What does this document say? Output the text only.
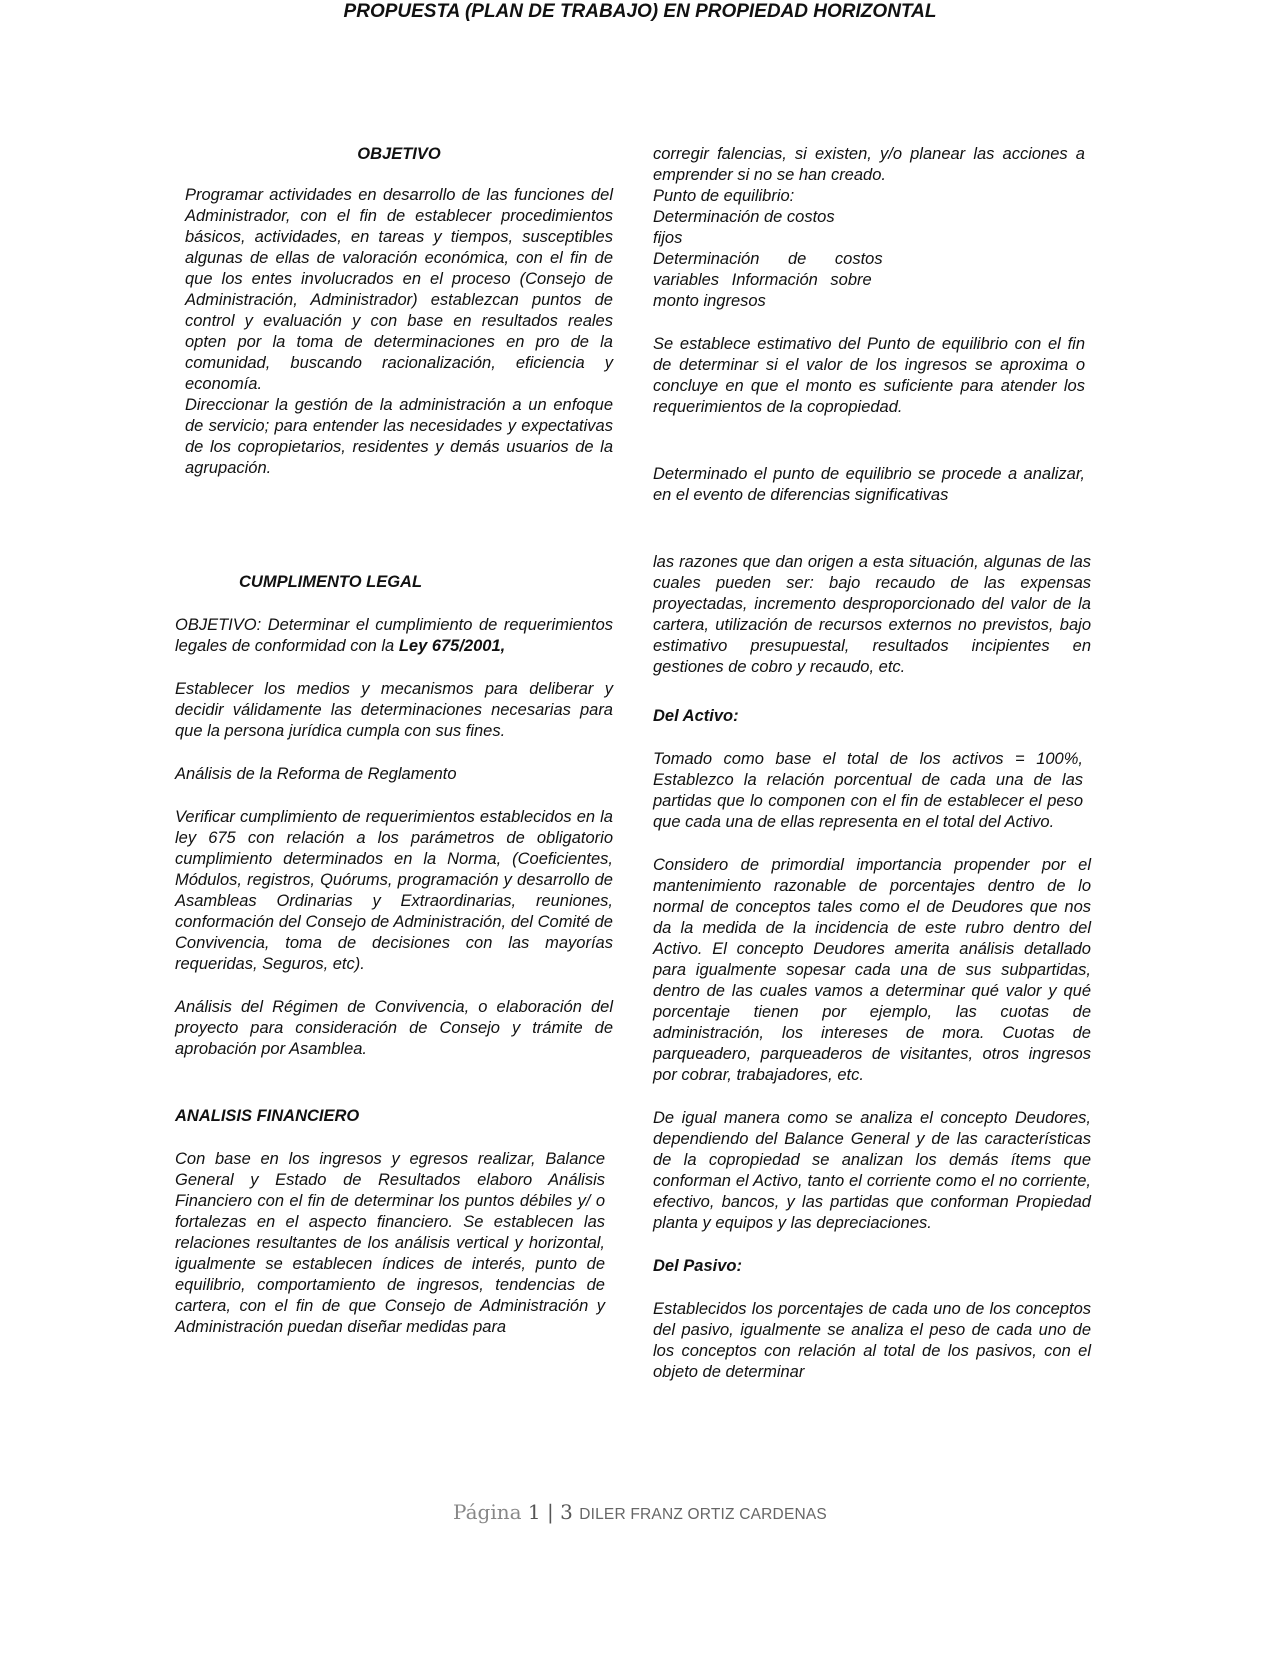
PROPUESTA (PLAN DE TRABAJO) EN PROPIEDAD HORIZONTAL

OBJETIVO

Programar actividades en desarrollo de las funciones del Administrador, con el fin de establecer procedimientos básicos, actividades, en tareas y tiempos, susceptibles algunas de ellas de valoración económica, con el fin de que los entes involucrados en el proceso (Consejo de Administración, Administrador) establezcan puntos de control y evaluación y con base en resultados reales opten por la toma de determinaciones en pro de la comunidad, buscando racionalización, eficiencia y economía.

Direccionar la gestión de la administración a un enfoque de servicio; para entender las necesidades y expectativas de los copropietarios, residentes y demás usuarios de la agrupación.

CUMPLIMENTO LEGAL

OBJETIVO: Determinar el cumplimiento de requerimientos legales de conformidad con la Ley 675/2001,

Establecer los medios y mecanismos para deliberar y decidir válidamente las determinaciones necesarias para que la persona jurídica cumpla con sus fines.

Análisis de la Reforma de Reglamento

Verificar cumplimiento de requerimientos establecidos en la ley 675 con relación a los parámetros de obligatorio cumplimiento determinados en la Norma, (Coeficientes, Módulos, registros, Quórums, programación y desarrollo de Asambleas Ordinarias y Extraordinarias, reuniones, conformación del Consejo de Administración, del Comité de Convivencia, toma de decisiones con las mayorías requeridas, Seguros, etc).

Análisis del Régimen de Convivencia, o elaboración del proyecto para consideración de Consejo y trámite de aprobación por Asamblea.

ANALISIS FINANCIERO

Con base en los ingresos y egresos realizar, Balance General y Estado de Resultados elaboro Análisis Financiero con el fin de determinar los puntos débiles y/ o fortalezas en el aspecto financiero. Se establecen las relaciones resultantes de los análisis vertical y horizontal, igualmente se establecen índices de interés, punto de equilibrio, comportamiento de ingresos, tendencias de cartera, con el fin de que Consejo de Administración y Administración puedan diseñar medidas para

corregir falencias, si existen, y/o planear las acciones a emprender si no se han creado.

Punto de equilibrio:

Determinación de costos

fijos

Determinación de costos

variables Información sobre

monto ingresos

Se establece estimativo del Punto de equilibrio con el fin de determinar si el valor de los ingresos se aproxima o concluye en que el monto es suficiente para atender los requerimientos de la copropiedad.

Determinado el punto de equilibrio se procede a analizar, en el evento de diferencias significativas

las razones que dan origen a esta situación, algunas de las cuales pueden ser: bajo recaudo de las expensas proyectadas, incremento desproporcionado del valor de la cartera, utilización de recursos externos no previstos, bajo estimativo presupuestal, resultados incipientes en gestiones de cobro y recaudo, etc.

Del Activo:

Tomado como base el total de los activos = 100%, Establezco la relación porcentual de cada una de las partidas que lo componen con el fin de establecer el peso que cada una de ellas representa en el total del Activo.

Considero de primordial importancia propender por el mantenimiento razonable de porcentajes dentro de lo normal de conceptos tales como el de Deudores que nos da la medida de la incidencia de este rubro dentro del Activo. El concepto Deudores amerita análisis detallado para igualmente sopesar cada una de sus subpartidas, dentro de las cuales vamos a determinar qué valor y qué porcentaje tienen por ejemplo, las cuotas de administración, los intereses de mora. Cuotas de parqueadero, parqueaderos de visitantes, otros ingresos por cobrar, trabajadores, etc.

De igual manera como se analiza el concepto Deudores, dependiendo del Balance General y de las características de la copropiedad se analizan los demás ítems que conforman el Activo, tanto el corriente como el no corriente, efectivo, bancos, y las partidas que conforman Propiedad planta y equipos y las depreciaciones.

Del Pasivo:

Establecidos los porcentajes de cada uno de los conceptos del pasivo, igualmente se analiza el peso de cada uno de los conceptos con relación al total de los pasivos, con el objeto de determinar

Página 1 | 3 DILER FRANZ ORTIZ CARDENAS
